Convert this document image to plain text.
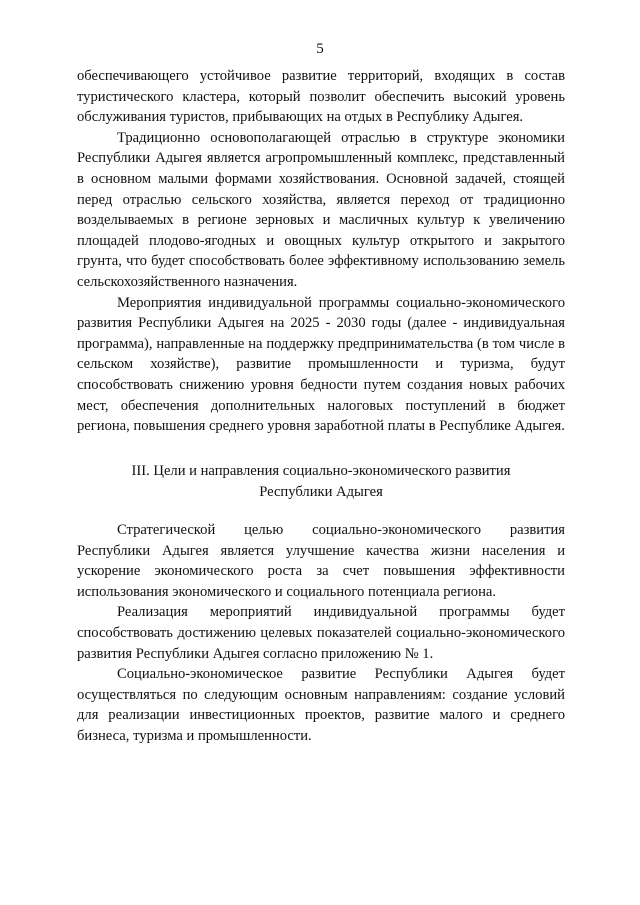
5

обеспечивающего устойчивое развитие территорий, входящих в состав туристического кластера, который позволит обеспечить высокий уровень обслуживания туристов, прибывающих на отдых в Республику Адыгея.

Традиционно основополагающей отраслью в структуре экономики Республики Адыгея является агропромышленный комплекс, представленный в основном малыми формами хозяйствования. Основной задачей, стоящей перед отраслью сельского хозяйства, является переход от традиционно возделываемых в регионе зерновых и масличных культур к увеличению площадей плодово-ягодных и овощных культур открытого и закрытого грунта, что будет способствовать более эффективному использованию земель сельскохозяйственного назначения.

Мероприятия индивидуальной программы социально-экономического развития Республики Адыгея на 2025 - 2030 годы (далее - индивидуальная программа), направленные на поддержку предпринимательства (в том числе в сельском хозяйстве), развитие промышленности и туризма, будут способствовать снижению уровня бедности путем создания новых рабочих мест, обеспечения дополнительных налоговых поступлений в бюджет региона, повышения среднего уровня заработной платы в Республике Адыгея.

III. Цели и направления социально-экономического развития
Республики Адыгея

Стратегической целью социально-экономического развития Республики Адыгея является улучшение качества жизни населения и ускорение экономического роста за счет повышения эффективности использования экономического и социального потенциала региона.

Реализация мероприятий индивидуальной программы будет способствовать достижению целевых показателей социально-экономического развития Республики Адыгея согласно приложению № 1.

Социально-экономическое развитие Республики Адыгея будет осуществляться по следующим основным направлениям: создание условий для реализации инвестиционных проектов, развитие малого и среднего бизнеса, туризма и промышленности.
